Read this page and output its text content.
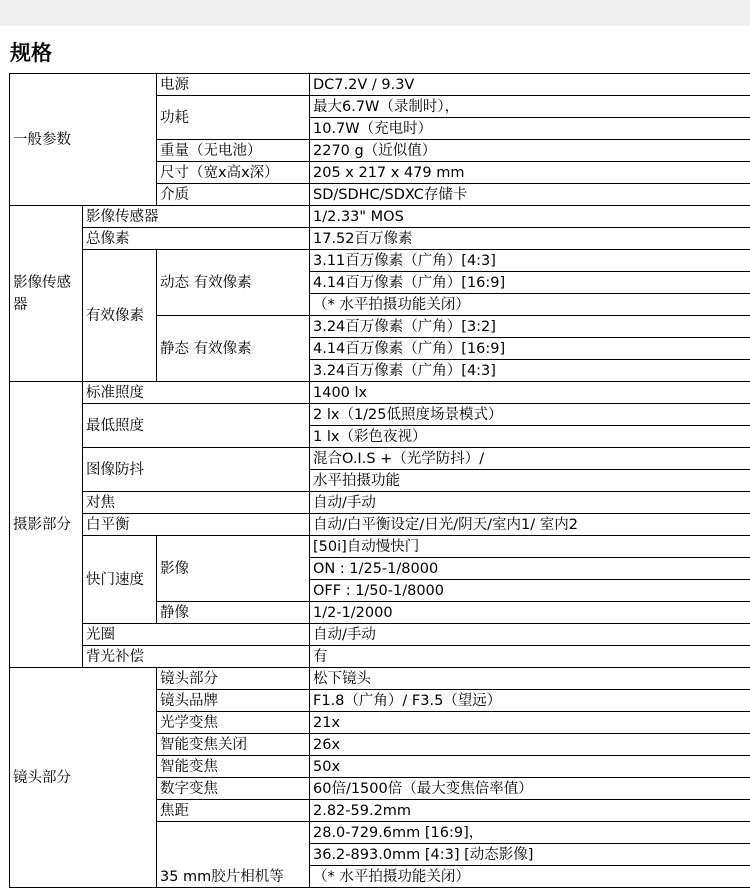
规格
一般参数		电源	DC7.2V / 9.3V
		功耗	最大6.7W（录制时），
			10.7W（充电时）
		重量（无电池）	2270 g（近似值）
		尺寸（宽x高x深）	205 x 217 x 479 mm
		介质	SD/SDHC/SDXC存储卡
影像传感器	影像传感器		1/2.33" MOS
	总像素		17.52百万像素
	有效像素	动态 有效像素	3.11百万像素（广角）[4:3]
			4.14百万像素（广角）[16:9]
			（* 水平拍摄功能关闭）
		静态 有效像素	3.24百万像素（广角）[3:2]
			4.14百万像素（广角）[16:9]
			3.24百万像素（广角）[4:3]
摄影部分	标准照度		1400 lx
	最低照度		2 lx（1/25低照度场景模式）
			1 lx（彩色夜视）
	图像防抖		混合O.I.S +（光学防抖）/
			水平拍摄功能
	对焦		自动/手动
	白平衡		自动/白平衡设定/日光/阴天/室内1/ 室内2
	快门速度	影像	[50i]自动慢快门
			ON : 1/25-1/8000
			OFF : 1/50-1/8000
		静像	1/2-1/2000
	光圈		自动/手动
	背光补偿		有
镜头部分		镜头部分	松下镜头
		镜头品牌	F1.8（广角）/ F3.5（望远）
		光学变焦	21x
		智能变焦关闭	26x
		智能变焦	50x
		数字变焦	60倍/1500倍（最大变焦倍率值）
		焦距	2.82-59.2mm
		35 mm胶片相机等	28.0-729.6mm [16:9]，
			36.2-893.0mm [4:3] [动态影像]
			（* 水平拍摄功能关闭）
